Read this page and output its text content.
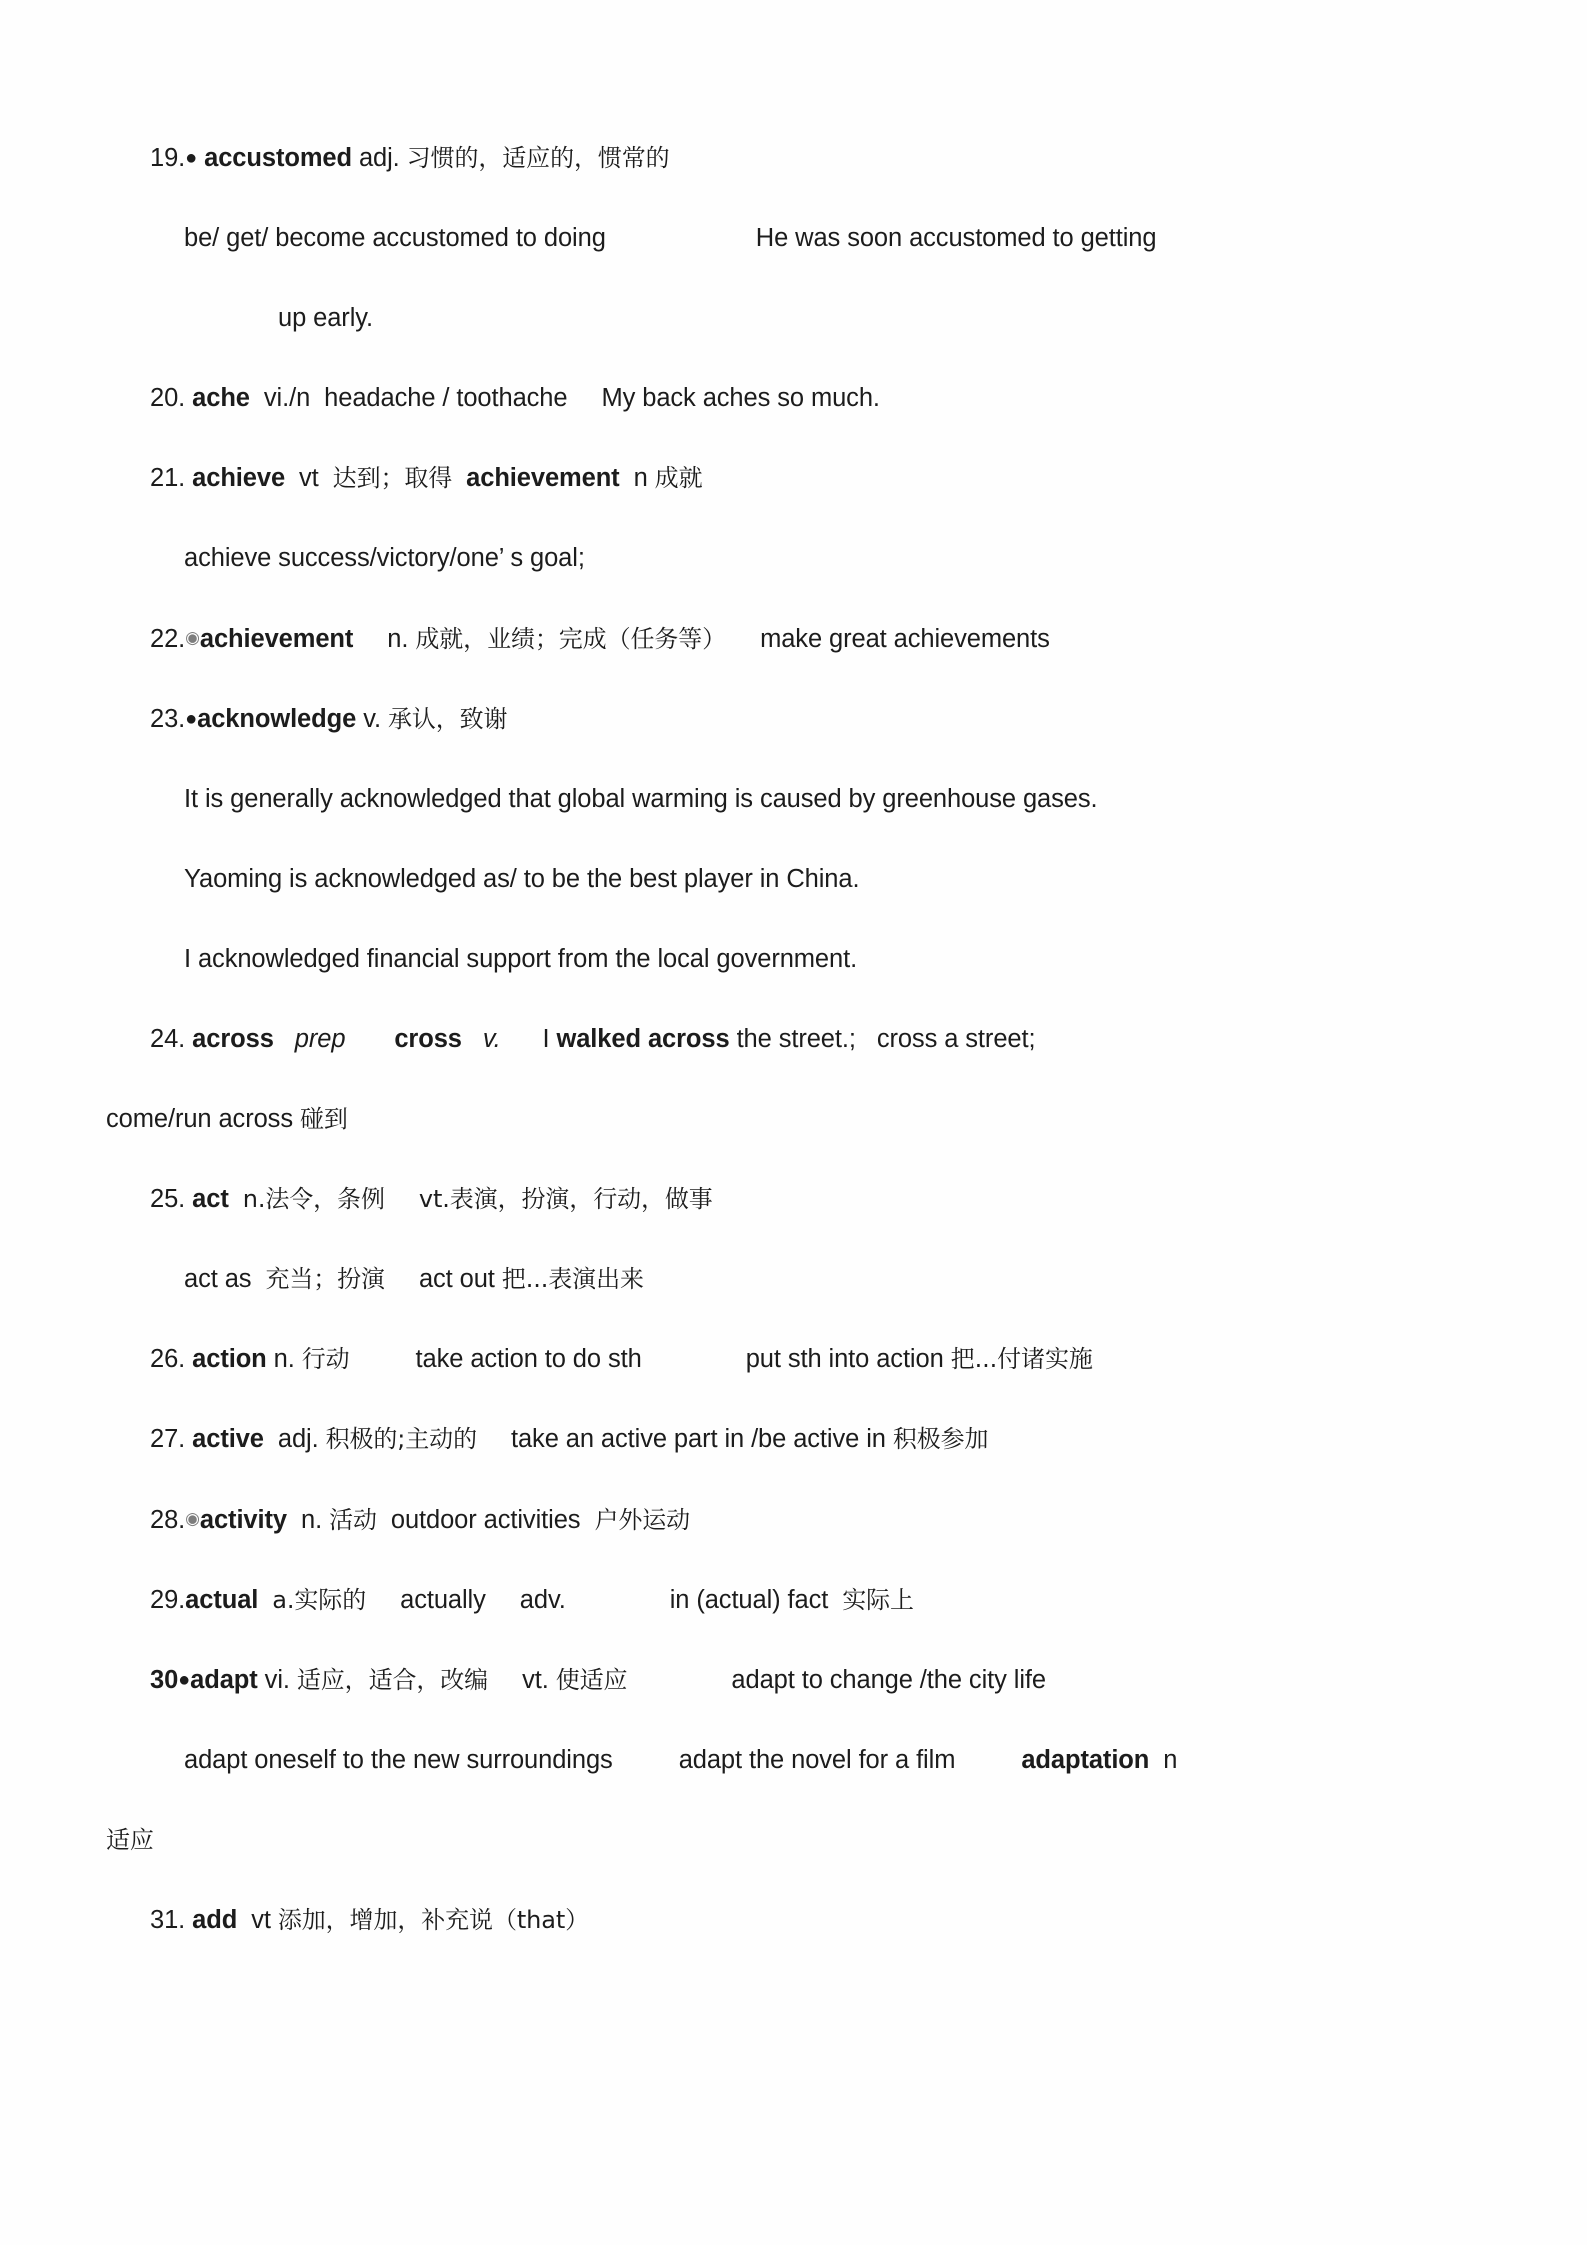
19.● accustomed adj. 习惯的，适应的，惯常的
be/ get/ become accustomed to doing	He was soon accustomed to getting
up early.
20. ache vi./n headache / toothache My back aches so much.
21. achieve vt 达到；取得 achievement n 成就
achieve success/victory/one’ s goal;
22.◉achievement n. 成就，业绩；完成（任务等） make great achievements
23.●acknowledge v. 承认，致谢
It is generally acknowledged that global warming is caused by greenhouse gases.
Yaoming is acknowledged as/ to be the best player in China.
I acknowledged financial support from the local government.
24. across prep cross v. I walked across the street.; cross a street;
come/run across 碰到
25. act n.法令，条例 vt.表演，扮演，行动，做事
act as 充当；扮演 act out 把...表演出来
26. action n. 行动	take action to do sth	put sth into action 把...付诸实施
27. active adj. 积极的;主动的 take an active part in /be active in 积极参加
28.◉activity n. 活动 outdoor activities 户外运动
29.actual a.实际的 actually adv.	in (actual) fact 实际上
30●adapt vi. 适应，适合，改编 vt. 使适应	adapt to change /the city life
adapt oneself to the new surroundings	adapt the novel for a film	adaptation n
适应
31. add vt 添加，增加，补充说（that）
